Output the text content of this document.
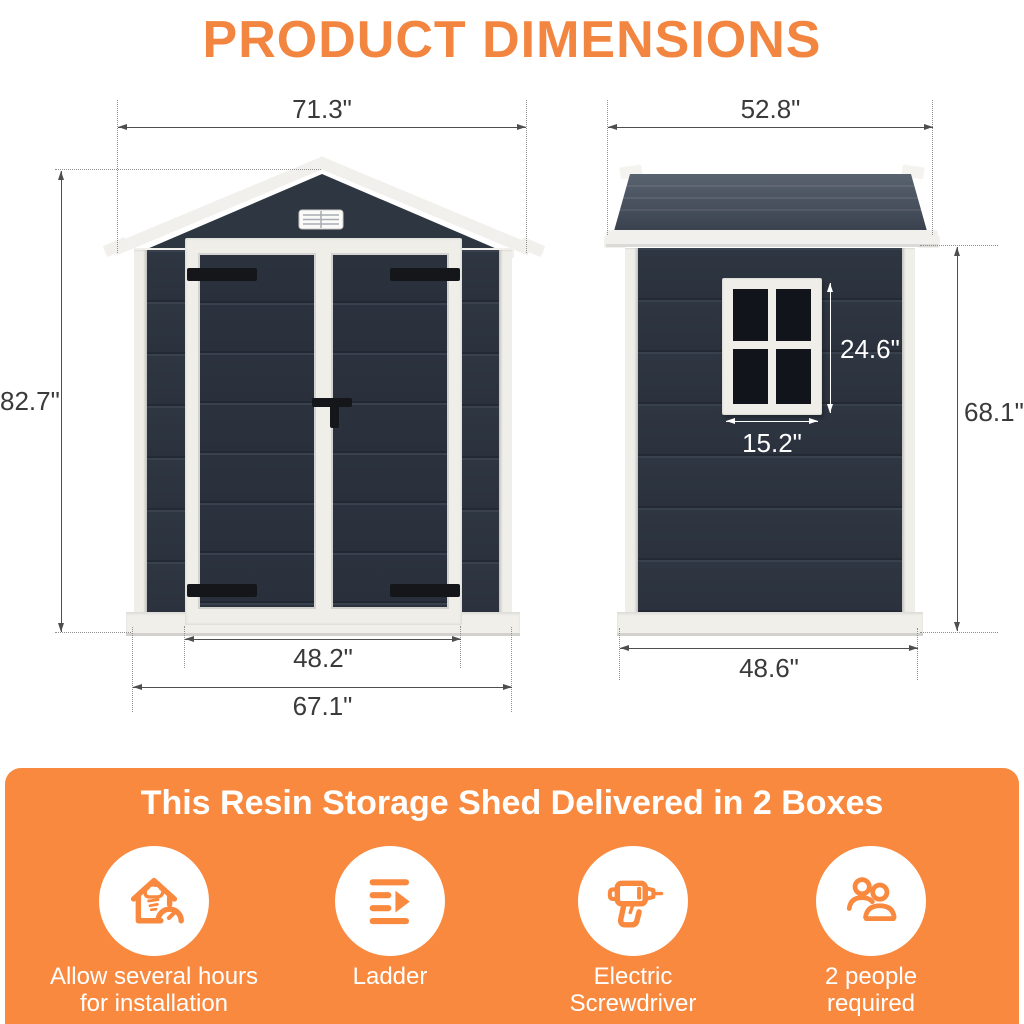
PRODUCT DIMENSIONS
71.3"
82.7"
48.2"
67.1"
52.8"
24.6"
15.2"
68.1"
48.6"
This Resin Storage Shed Delivered in 2 Boxes
Allow several hours
for installation
Ladder	Electric
Screwdriver
2 people
required
